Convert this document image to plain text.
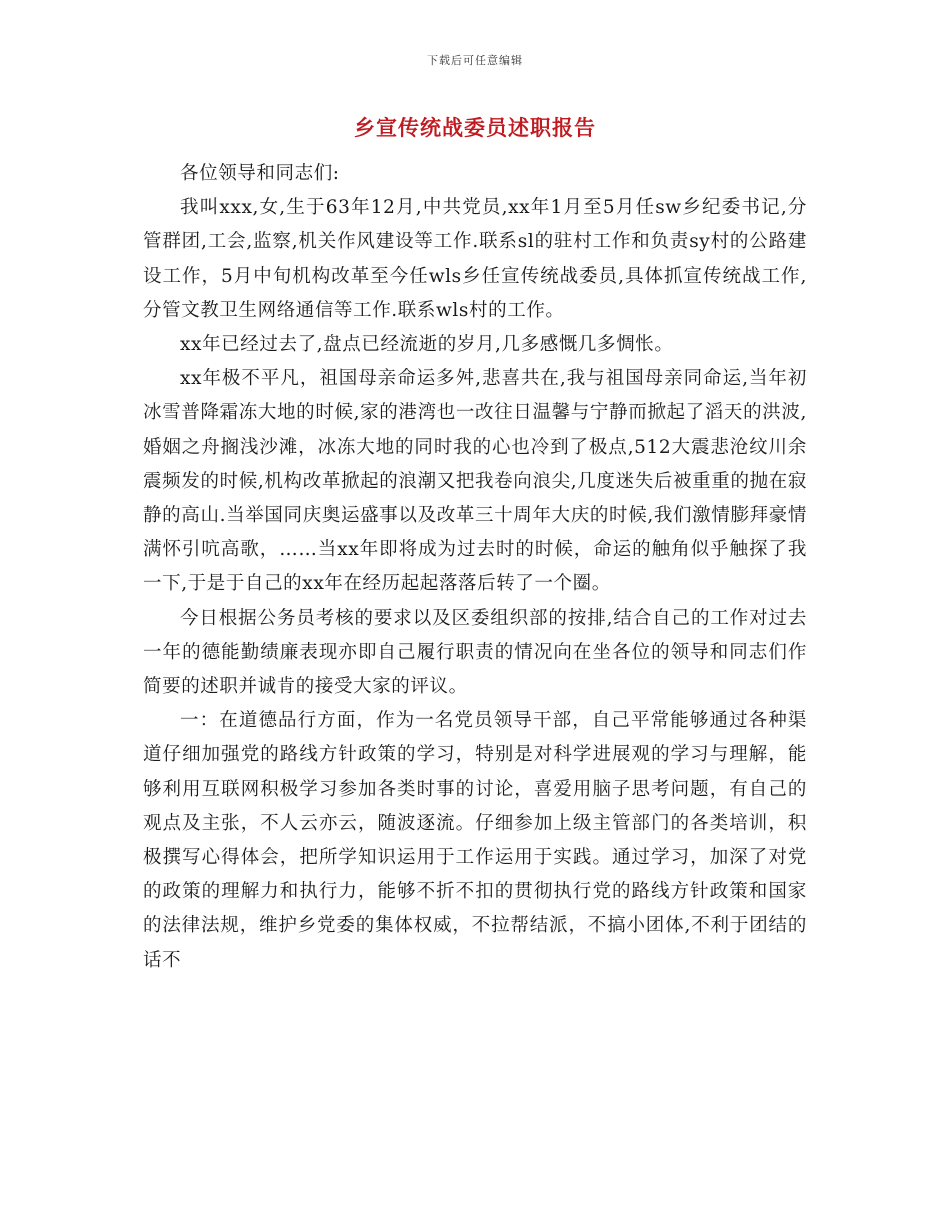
下载后可任意编辑
乡宣传统战委员述职报告

各位领导和同志们:

我叫xxx,女,生于63年12月,中共党员,xx年1月至5月任sw乡纪委书记,分管群团,工会,监察,机关作风建设等工作.联系sl的驻村工作和负责sy村的公路建设工作，5月中旬机构改革至今任wls乡任宣传统战委员,具体抓宣传统战工作,分管文教卫生网络通信等工作.联系wls村的工作。

xx年已经过去了,盘点已经流逝的岁月,几多感慨几多惆怅。

xx年极不平凡，祖国母亲命运多舛,悲喜共在,我与祖国母亲同命运,当年初冰雪普降霜冻大地的时候,家的港湾也一改往日温馨与宁静而掀起了滔天的洪波,婚姻之舟搁浅沙滩，冰冻大地的同时我的心也冷到了极点,512大震悲沧纹川余震频发的时候,机构改革掀起的浪潮又把我卷向浪尖,几度迷失后被重重的抛在寂静的高山.当举国同庆奥运盛事以及改革三十周年大庆的时候,我们激情膨拜豪情满怀引吭高歌，……当xx年即将成为过去时的时候，命运的触角似乎触探了我一下,于是于自己的xx年在经历起起落落后转了一个圈。

今日根据公务员考核的要求以及区委组织部的按排,结合自己的工作对过去一年的德能勤绩廉表现亦即自己履行职责的情况向在坐各位的领导和同志们作简要的述职并诚肯的接受大家的评议。

一：在道德品行方面，作为一名党员领导干部，自己平常能够通过各种渠道仔细加强党的路线方针政策的学习，特别是对科学进展观的学习与理解，能够利用互联网积极学习参加各类时事的讨论，喜爱用脑子思考问题，有自己的观点及主张，不人云亦云，随波逐流。仔细参加上级主管部门的各类培训，积极撰写心得体会，把所学知识运用于工作运用于实践。通过学习，加深了对党的政策的理解力和执行力，能够不折不扣的贯彻执行党的路线方针政策和国家的法律法规，维护乡党委的集体权威，不拉帮结派，不搞小团体,不利于团结的话不
